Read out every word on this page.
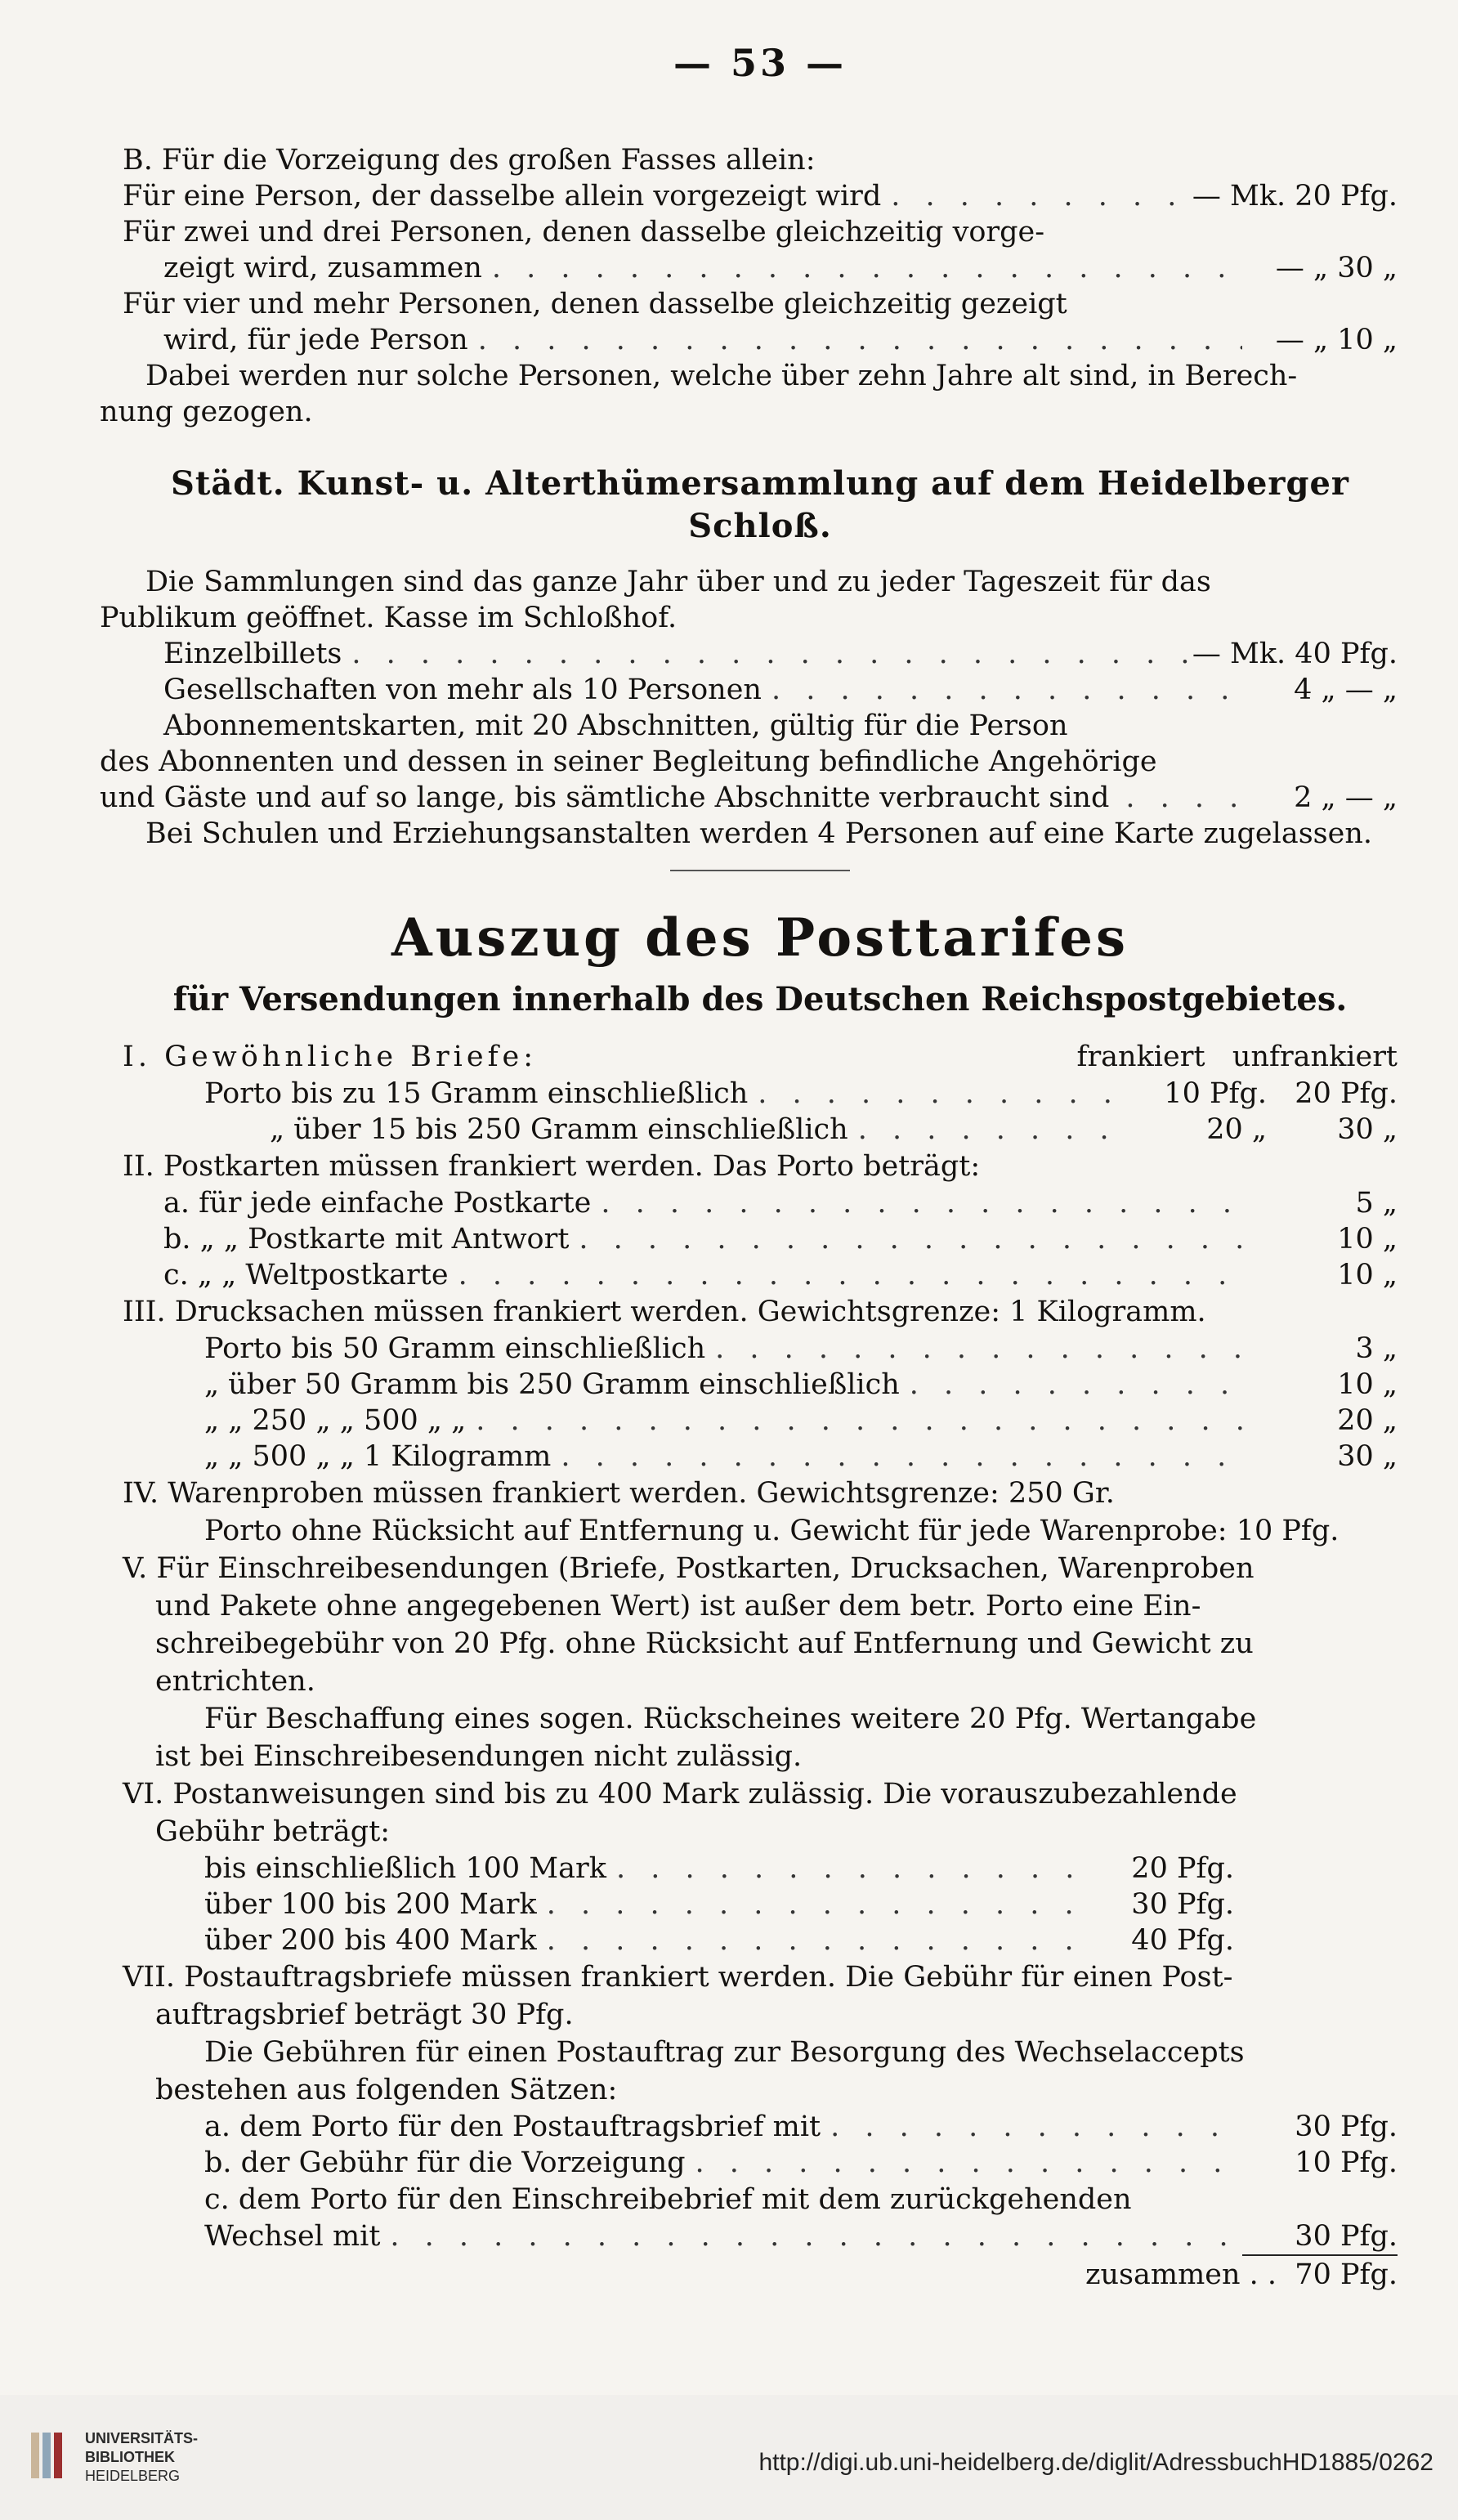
— 53 —
B. Für die Vorzeigung des großen Fasses allein:
Für eine Person, der dasselbe allein vorgezeigt wird . . .	— Mk. 20 Pfg.
Für zwei und drei Personen, denen dasselbe gleichzeitig vorge-
zeigt wird, zusammen . . .	— „ 30 „
Für vier und mehr Personen, denen dasselbe gleichzeitig gezeigt
wird, für jede Person . . .	— „ 10 „
Dabei werden nur solche Personen, welche über zehn Jahre alt sind, in Berech-
nung gezogen.
Städt. Kunst- u. Alterthümersammlung auf dem Heidelberger Schloß.
Die Sammlungen sind das ganze Jahr über und zu jeder Tageszeit für das
Publikum geöffnet. Kasse im Schloßhof.
Einzelbillets . . .	— Mk. 40 Pfg.
Gesellschaften von mehr als 10 Personen . . .	4 „ — „
Abonnementskarten, mit 20 Abschnitten, gültig für die Person
des Abonnenten und dessen in seiner Begleitung befindliche Angehörige
und Gäste und auf so lange, bis sämtliche Abschnitte verbraucht sind . . .	2 „ — „
Bei Schulen und Erziehungsanstalten werden 4 Personen auf eine Karte zugelassen.
Auszug des Posttarifes
für Versendungen innerhalb des Deutschen Reichspostgebietes.
I. Gewöhnliche Briefe:	frankiert unfrankiert
Porto bis zu 15 Gramm einschließlich . . .	10 Pfg. 20 Pfg.
„ über 15 bis 250 Gramm einschließlich . . .	20 „	30 „
II. Postkarten müssen frankiert werden. Das Porto beträgt:
a. für jede einfache Postkarte . . .	5 „
b. „ „ Postkarte mit Antwort . . .	10 „
c. „ „ Weltpostkarte . . .	10 „
III. Drucksachen müssen frankiert werden. Gewichtsgrenze: 1 Kilogramm.
Porto bis 50 Gramm einschließlich . . .	3 „
„ über 50 Gramm bis 250 Gramm einschließlich . . .	10 „
„ „ 250 „ „ 500 „ „ . . .	20 „
„ „ 500 „ „ 1 Kilogramm . . .	30 „
IV. Warenproben müssen frankiert werden. Gewichtsgrenze: 250 Gr.
Porto ohne Rücksicht auf Entfernung u. Gewicht für jede Warenprobe: 10 Pfg.
V. Für Einschreibesendungen (Briefe, Postkarten, Drucksachen, Warenproben
und Pakete ohne angegebenen Wert) ist außer dem betr. Porto eine Ein-
schreibegebühr von 20 Pfg. ohne Rücksicht auf Entfernung und Gewicht zu
entrichten.
Für Beschaffung eines sogen. Rückscheines weitere 20 Pfg. Wertangabe
ist bei Einschreibesendungen nicht zulässig.
VI. Postanweisungen sind bis zu 400 Mark zulässig. Die vorauszubezahlende
Gebühr beträgt:
bis einschließlich 100 Mark . . .	20 Pfg.
über 100 bis 200 Mark . . .	30 Pfg.
über 200 bis 400 Mark . . .	40 Pfg.
VII. Postauftragsbriefe müssen frankiert werden. Die Gebühr für einen Post-
auftragsbrief beträgt 30 Pfg.
Die Gebühren für einen Postauftrag zur Besorgung des Wechselaccepts
bestehen aus folgenden Sätzen:
a. dem Porto für den Postauftragsbrief mit . . .	30 Pfg.
b. der Gebühr für die Vorzeigung . . .	10 Pfg.
c. dem Porto für den Einschreibebrief mit dem zurückgehenden
Wechsel mit . . .	30 Pfg.
zusammen . . 70 Pfg.
UNIVERSITÄTS-
BIBLIOTHEK
HEIDELBERG	http://digi.ub.uni-heidelberg.de/diglit/AdressbuchHD1885/0262
